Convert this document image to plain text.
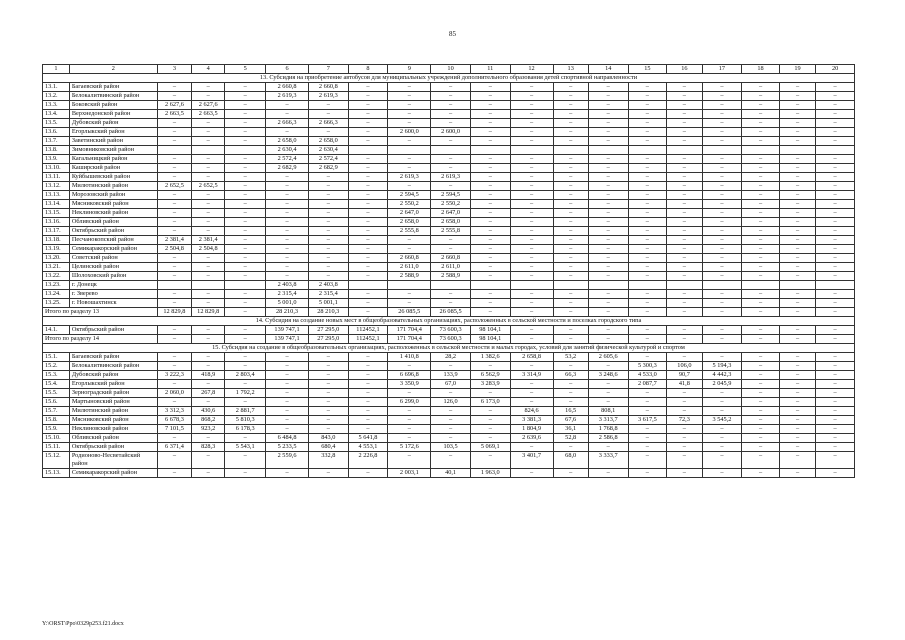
85
1	2	3	4	5	6	7	8	9	10	11	12	13	14	15	16	17	18	19	20
13. Субсидия на приобретение автобусов для муниципальных учреждений дополнительного образования детей спортивной направленности																			
13.1.	Багаевский район	–	–	–	2 660,8	2 660,8	–	–	–	–	–	–	–	–	–	–	–	–	–
13.2.	Белокалитвинский район	–	–	–	2 619,3	2 619,3	–	–	–	–	–	–	–	–	–	–	–	–	–
13.3.	Боковский район	2 627,6	2 627,6	–	–	–	–	–	–	–	–	–	–	–	–	–	–	–	–
13.4.	Верхнедонской район	2 663,5	2 663,5	–	–	–	–	–	–	–	–	–	–	–	–	–	–	–	–
13.5.	Дубовский район	–	–	–	2 666,3	2 666,3	–	–	–	–	–	–	–	–	–	–	–	–	–
13.6.	Егорлыкский район	–	–	–	–	–	–	2 600,0	2 600,0	–	–	–	–	–	–	–	–	–	–
13.7.	Заветинский район	–	–	–	2 658,0	2 658,0	–	–	–	–	–	–	–	–	–	–	–	–	–
13.8.	Зимовниковский район				2 630,4	2 630,4													
13.9.	Кагальницкий район	–	–	–	2 572,4	2 572,4	–	–	–	–	–	–	–	–	–	–	–	–	–
13.10.	Каширский район	–	–	–	2 682,9	2 682,9	–	–	–	–	–	–	–	–	–	–	–	–	–
13.11.	Куйбышевский район	–	–	–	–	–	–	2 619,3	2 619,3	–	–	–	–	–	–	–	–	–	–
13.12.	Милютинский район	2 652,5	2 652,5	–	–	–	–	–	–	–	–	–	–	–	–	–	–	–	–
13.13.	Морозовский район	–	–	–	–	–	–	2 594,5	2 594,5	–	–	–	–	–	–	–	–	–	–
13.14.	Мясниковский район	–	–	–	–	–	–	2 550,2	2 550,2	–	–	–	–	–	–	–	–	–	–
13.15.	Неклиновский район	–	–	–	–	–	–	2 647,0	2 647,0	–	–	–	–	–	–	–	–	–	–
13.16.	Обливский район	–	–	–	–	–	–	2 658,0	2 658,0	–	–	–	–	–	–	–	–	–	–
13.17.	Октябрьский район	–	–	–	–	–	–	2 555,8	2 555,8	–	–	–	–	–	–	–	–	–	–
13.18.	Песчанокопский район	2 381,4	2 381,4	–	–	–	–	–	–	–	–	–	–	–	–	–	–	–	–
13.19.	Семикаракорский район	2 504,8	2 504,8	–	–	–	–	–	–	–	–	–	–	–	–	–	–	–	–
13.20.	Советский район	–	–	–	–	–	–	2 660,8	2 660,8	–	–	–	–	–	–	–	–	–	–
13.21.	Целинский район	–	–	–	–	–	–	2 611,0	2 611,0	–	–	–	–	–	–	–	–	–	–
13.22.	Шолоховский район	–	–	–	–	–	–	2 588,9	2 588,9	–	–	–	–	–	–	–	–	–	–
13.23.	г. Донецк				2 403,8	2 403,8													
13.24.	г. Зверево	–	–	–	2 315,4	2 315,4	–	–	–	–	–	–	–	–	–	–	–	–	–
13.25.	г. Новошахтинск	–	–	–	5 001,0	5 001,1	–	–	–	–	–	–	–	–	–	–	–	–	–
Итого по разделу 13		12 829,8	12 829,8	–	28 210,3	28 210,3	–	26 085,5	26 085,5	–	–	–	–	–	–	–	–	–	–
14. Субсидия на создание новых мест в общеобразовательных организациях, расположенных в сельской местности и поселках городского типа																			
14.1.	Октябрьский район	–	–	–	139 747,1	27 295,0	112452,1	171 704,4	73 600,3	98 104,1	–	–	–	–	–	–	–	–	–
Итого по разделу 14		–	–	–	139 747,1	27 295,0	112452,1	171 704,4	73 600,3	98 104,1	–	–	–	–	–	–	–	–	–
15. Субсидия на создание в общеобразовательных организациях, расположенных в сельской местности и малых городах, условий для занятий физической культурой и спортом																			
15.1.	Багаевский район	–	–	–	–	–	–	1 410,8	28,2	1 382,6	2 658,8	53,2	2 605,6	–	–	–	–	–	–
15.2.	Белокалитвинский район	–	–	–	–	–	–	–	–	–	–	–	–	5 300,3	106,0	5 194,3	–	–	–
15.3.	Дубовский район	3 222,3	418,9	2 803,4	–	–	–	6 696,8	133,9	6 562,9	3 314,9	66,3	3 248,6	4 533,0	90,7	4 442,3	–	–	–
15.4.	Егорлыкский район	–	–	–	–	–	–	3 350,9	67,0	3 283,9	–	–	–	2 087,7	41,8	2 045,9	–	–	–
15.5.	Зерноградский район	2 060,0	267,8	1 792,2	–	–	–	–	–	–	–	–	–	–	–	–	–	–	–
15.6.	Мартыновский район	–	–	–	–	–	–	6 299,0	126,0	6 173,0	–	–	–	–	–	–	–	–	–
15.7.	Милютинский район	3 312,3	430,6	2 881,7	–	–	–	–	–	–	824,6	16,5	808,1	–	–	–	–	–	–
15.8.	Мясниковский район	6 678,3	868,2	5 810,3	–	–	–	–	–	–	3 381,3	67,6	3 313,7	3 617,5	72,3	3 545,2	–	–	–
15.9.	Неклиновский район	7 101,5	923,2	6 178,3	–	–	–	–	–	–	1 804,9	36,1	1 768,8	–	–	–	–	–	–
15.10.	Обливский район	–	–	–	6 484,8	843,0	5 641,8	–	–	–	2 639,6	52,8	2 586,8	–	–	–	–	–	–
15.11.	Октябрьский район	6 371,4	828,3	5 543,1	5 233,5	680,4	4 553,1	5 172,6	103,5	5 069,1	–	–	–	–	–	–	–	–	–
15.12.	Родионово-Несветайский район	–	–	–	2 559,6	332,8	2 226,8	–	–	–	3 401,7	68,0	3 333,7	–	–	–	–	–	–
15.13.	Семикаракорский район	–	–	–	–	–	–	2 003,1	40,1	1 963,0	–	–	–	–	–	–	–	–	–
Y:\ORST\Ppo\0329p253.f21.docx
